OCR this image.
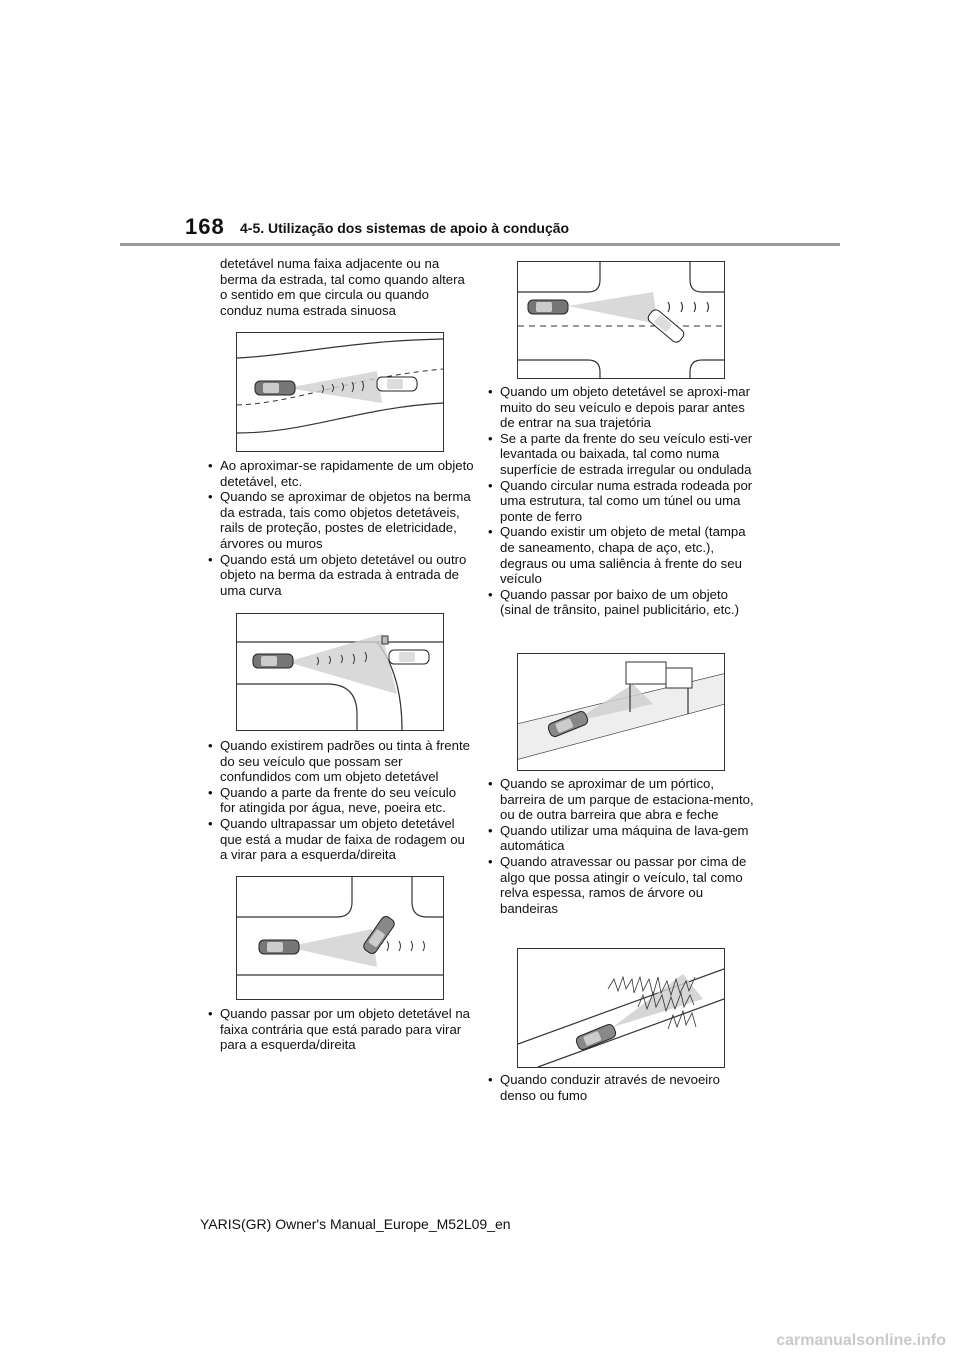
168 4-5. Utilização dos sistemas de apoio à condução
detetável numa faixa adjacente ou na berma da estrada, tal como quando altera o sentido em que circula ou quando conduz numa estrada sinuosa
• Ao aproximar-se rapidamente de um objeto detetável, etc.
• Quando se aproximar de objetos na berma da estrada, tais como objetos detetáveis, rails de proteção, postes de eletricidade, árvores ou muros
• Quando está um objeto detetável ou outro objeto na berma da estrada à entrada de uma curva
• Quando existirem padrões ou tinta à frente do seu veículo que possam ser confundidos com um objeto detetável
• Quando a parte da frente do seu veículo for atingida por água, neve, poeira etc.
• Quando ultrapassar um objeto detetável que está a mudar de faixa de rodagem ou a virar para a esquerda/direita
• Quando passar por um objeto detetável na faixa contrária que está parado para virar para a esquerda/direita
• Quando um objeto detetável se aproxi-mar muito do seu veículo e depois parar antes de entrar na sua trajetória
• Se a parte da frente do seu veículo esti-ver levantada ou baixada, tal como numa superfície de estrada irregular ou ondulada
• Quando circular numa estrada rodeada por uma estrutura, tal como um túnel ou uma ponte de ferro
• Quando existir um objeto de metal (tampa de saneamento, chapa de aço, etc.), degraus ou uma saliência à frente do seu veículo
• Quando passar por baixo de um objeto (sinal de trânsito, painel publicitário, etc.)
• Quando se aproximar de um pórtico, barreira de um parque de estaciona-mento, ou de outra barreira que abra e feche
• Quando utilizar uma máquina de lava-gem automática
• Quando atravessar ou passar por cima de algo que possa atingir o veículo, tal como relva espessa, ramos de árvore ou bandeiras
• Quando conduzir através de nevoeiro denso ou fumo
YARIS(GR) Owner's Manual_Europe_M52L09_en
carmanualsonline.info
